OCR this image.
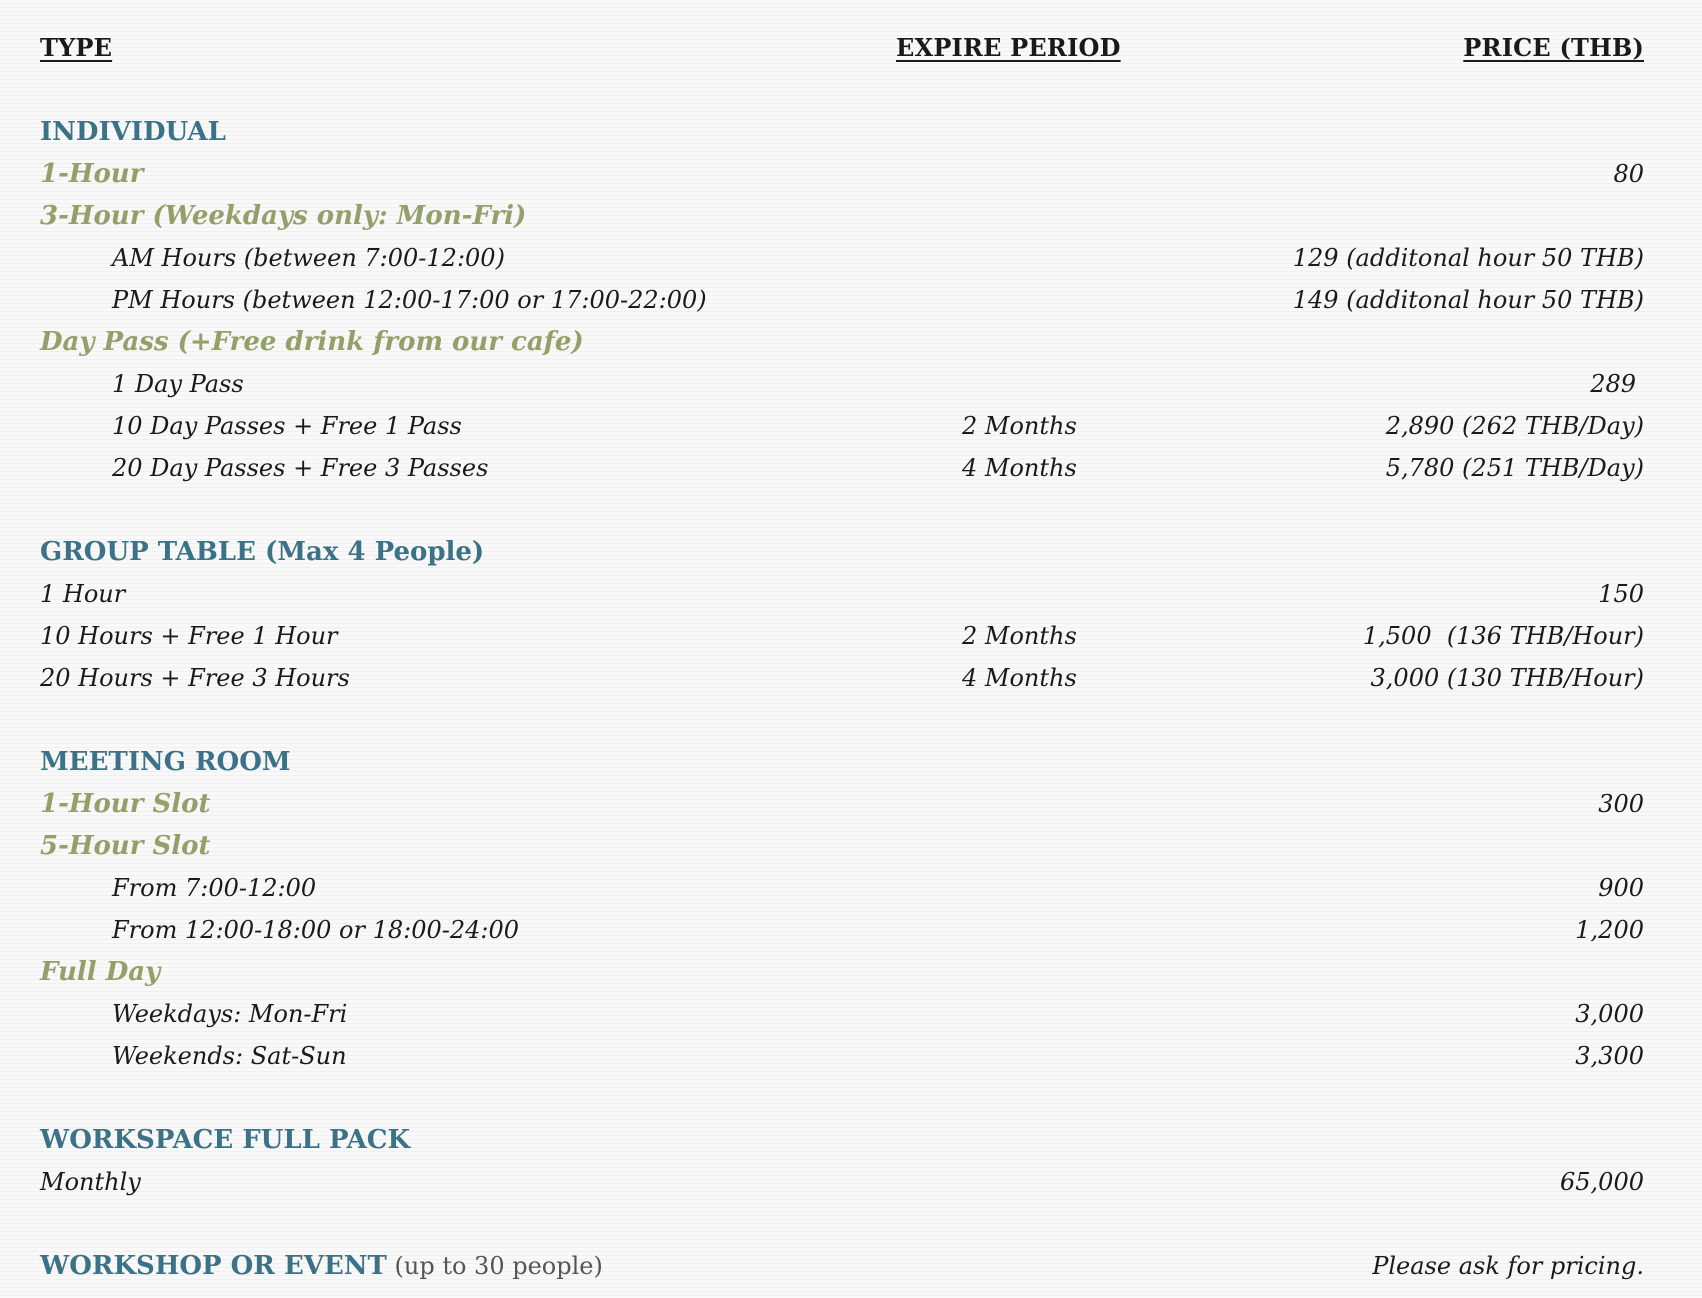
TYPE	EXPIRE PERIOD	PRICE (THB)
INDIVIDUAL
1-Hour	80
3-Hour (Weekdays only: Mon-Fri)
AM Hours (between 7:00-12:00)	129 (additonal hour 50 THB)
PM Hours (between 12:00-17:00 or 17:00-22:00)	149 (additonal hour 50 THB)
Day Pass (+Free drink from our cafe)
1 Day Pass	289
10 Day Passes + Free 1 Pass	2 Months	2,890 (262 THB/Day)
20 Day Passes + Free 3 Passes	4 Months	5,780 (251 THB/Day)
GROUP TABLE (Max 4 People)
1 Hour	150
10 Hours + Free 1 Hour	2 Months	1,500  (136 THB/Hour)
20 Hours + Free 3 Hours	4 Months	3,000 (130 THB/Hour)
MEETING ROOM
1-Hour Slot	300
5-Hour Slot
From 7:00-12:00	900
From 12:00-18:00 or 18:00-24:00	1,200
Full Day
Weekdays: Mon-Fri	3,000
Weekends: Sat-Sun	3,300
WORKSPACE FULL PACK
Monthly	65,000
WORKSHOP OR EVENT (up to 30 people)	Please ask for pricing.
